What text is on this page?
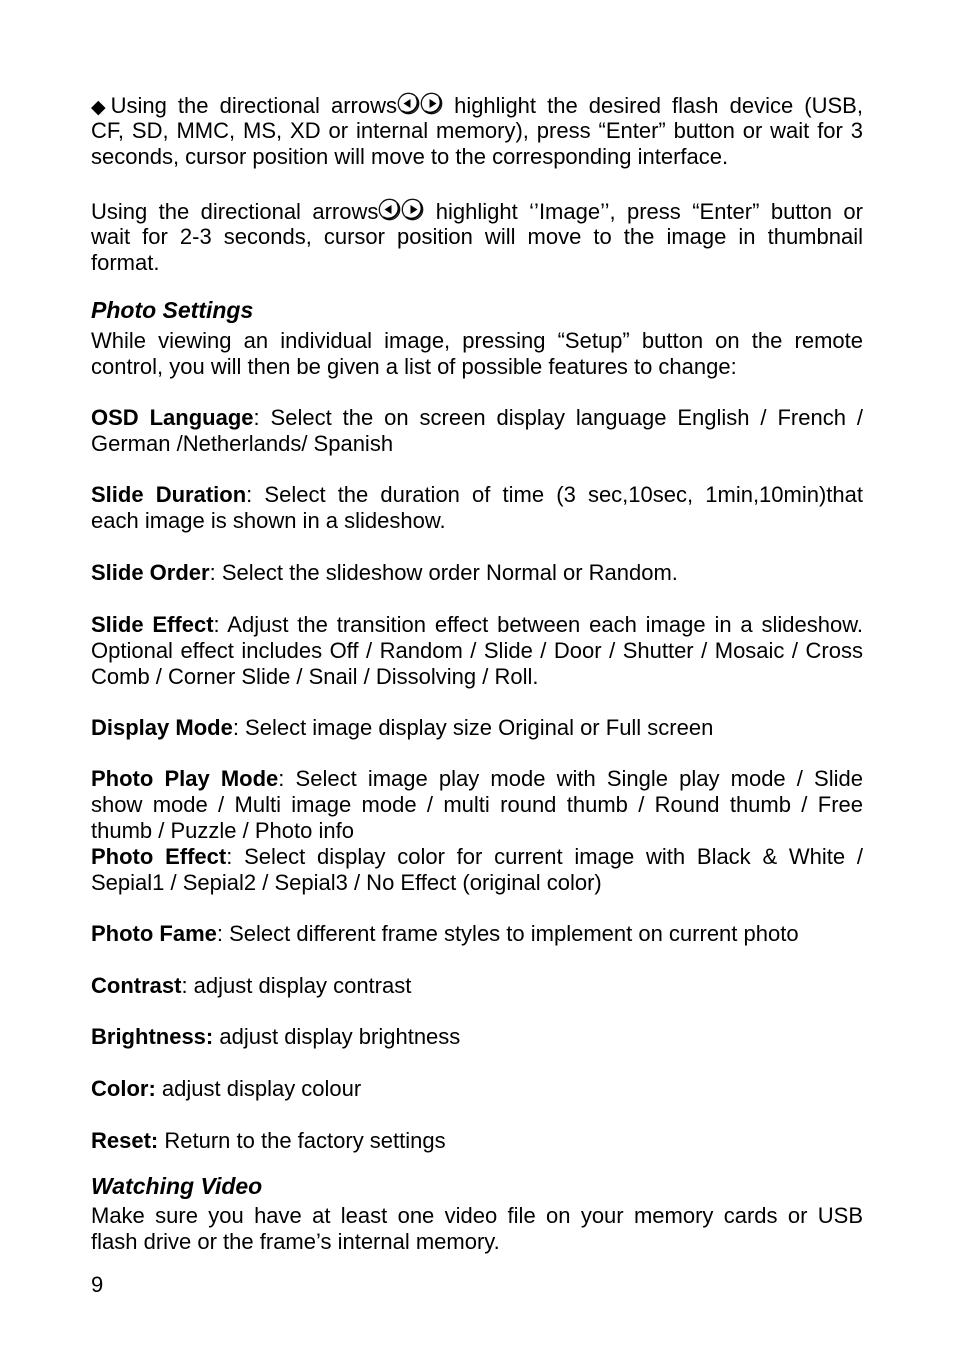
◆Using the directional arrows	highlight the desired flash device (USB,
CF, SD, MMC, MS, XD or internal memory), press “Enter” button or wait for 3
seconds, cursor position will move to the corresponding interface.
Using the directional arrows	highlight ‘’Image’’, press “Enter” button or
wait for 2-3 seconds, cursor position will move to the image in thumbnail
format.
Photo Settings
While viewing an individual image, pressing “Setup” button on the remote
control, you will then be given a list of possible features to change:
OSD Language: Select the on screen display language English / French /
German /Netherlands/ Spanish
Slide Duration: Select the duration of time (3 sec,10sec, 1min,10min)that
each image is shown in a slideshow.
Slide Order: Select the slideshow order Normal or Random.
Slide Effect: Adjust the transition effect between each image in a slideshow.
Optional effect includes Off / Random / Slide / Door / Shutter / Mosaic / Cross
Comb / Corner Slide / Snail / Dissolving / Roll.
Display Mode: Select image display size Original or Full screen
Photo Play Mode: Select image play mode with Single play mode / Slide
show mode / Multi image mode / multi round thumb / Round thumb / Free
thumb / Puzzle / Photo info
Photo Effect: Select display color for current image with Black & White /
Sepial1 / Sepial2 / Sepial3 / No Effect (original color)
Photo Fame: Select different frame styles to implement on current photo
Contrast: adjust display contrast
Brightness: adjust display brightness
Color: adjust display colour
Reset: Return to the factory settings
Watching Video
Make sure you have at least one video file on your memory cards or USB
flash drive or the frame’s internal memory.
9
